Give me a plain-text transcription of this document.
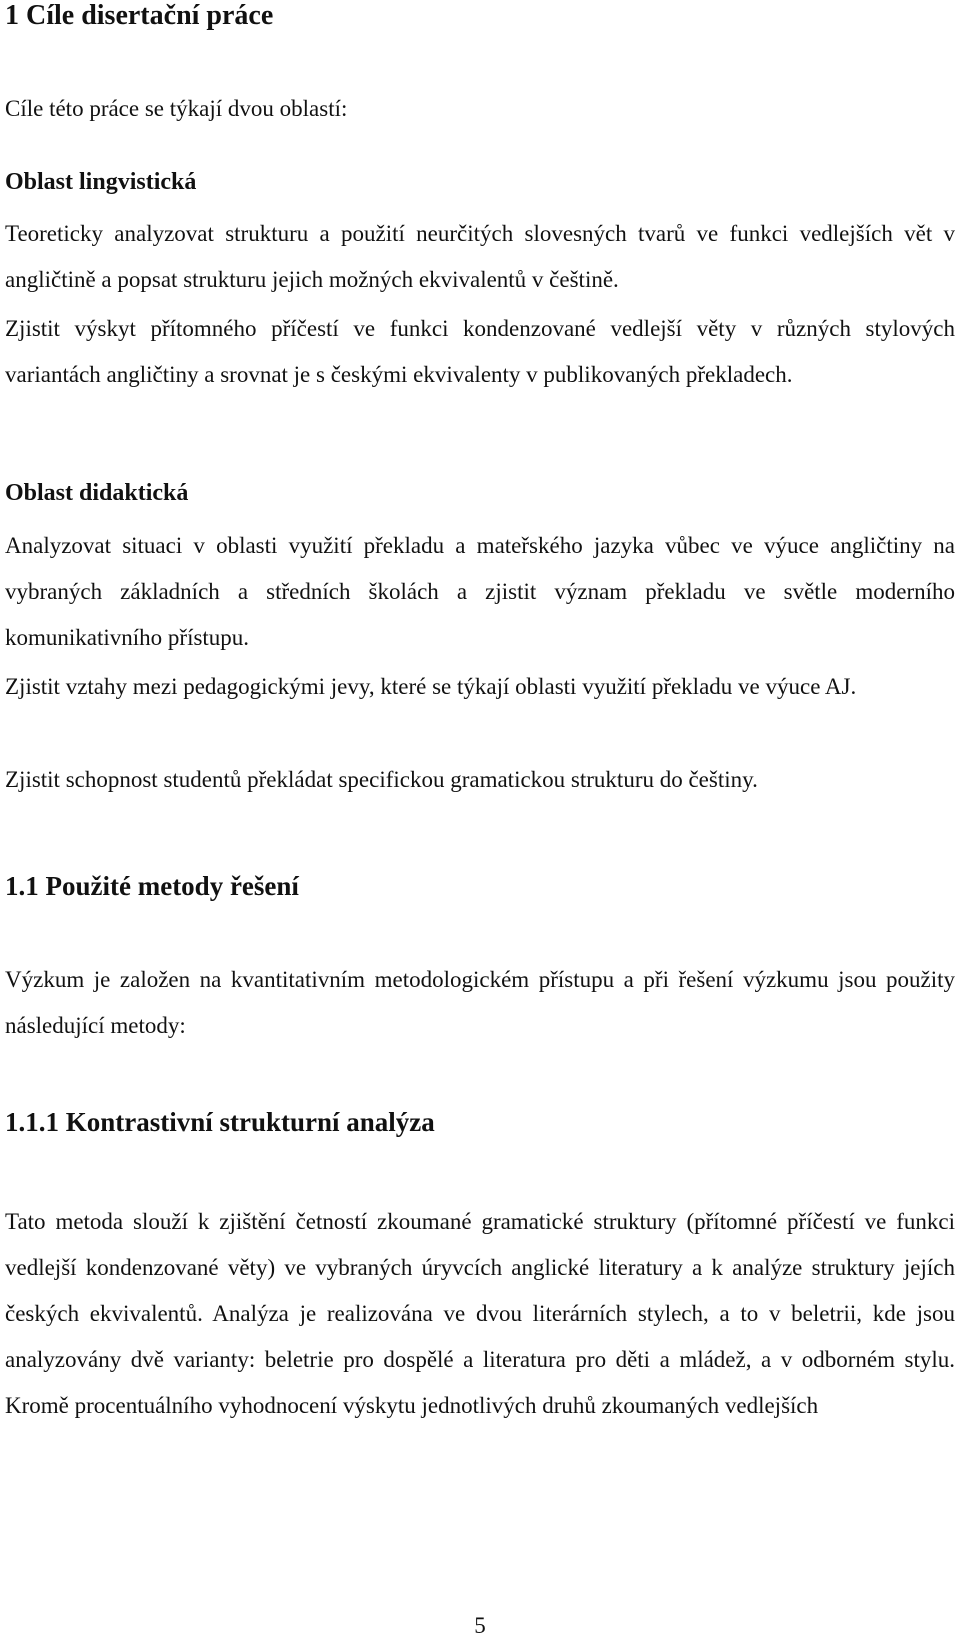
1 Cíle disertační práce

Cíle této práce se týkají dvou oblastí:

Oblast lingvistická

Teoreticky analyzovat strukturu a použití neurčitých slovesných tvarů ve funkci vedlejších vět v angličtině a popsat strukturu jejich možných ekvivalentů v češtině.

Zjistit výskyt přítomného příčestí ve funkci kondenzované vedlejší věty v různých stylových variantách angličtiny a srovnat je s českými ekvivalenty v publikovaných překladech.

Oblast didaktická

Analyzovat situaci v oblasti využití překladu a mateřského jazyka vůbec ve výuce angličtiny na vybraných základních a středních školách a zjistit význam překladu ve světle moderního komunikativního přístupu.

Zjistit vztahy mezi pedagogickými jevy, které se týkají oblasti využití překladu ve výuce AJ.

Zjistit schopnost studentů překládat specifickou gramatickou strukturu do češtiny.

1.1 Použité metody řešení

Výzkum je založen na kvantitativním metodologickém přístupu a při řešení výzkumu jsou použity následující metody:

1.1.1 Kontrastivní strukturní analýza

Tato metoda slouží k zjištění četností zkoumané gramatické struktury (přítomné příčestí ve funkci vedlejší kondenzované věty) ve vybraných úryvcích anglické literatury a k analýze struktury jejích českých ekvivalentů. Analýza je realizována ve dvou literárních stylech, a to v beletrii, kde jsou analyzovány dvě varianty: beletrie pro dospělé a literatura pro děti a mládež, a v odborném stylu. Kromě procentuálního vyhodnocení výskytu jednotlivých druhů zkoumaných vedlejších

5
